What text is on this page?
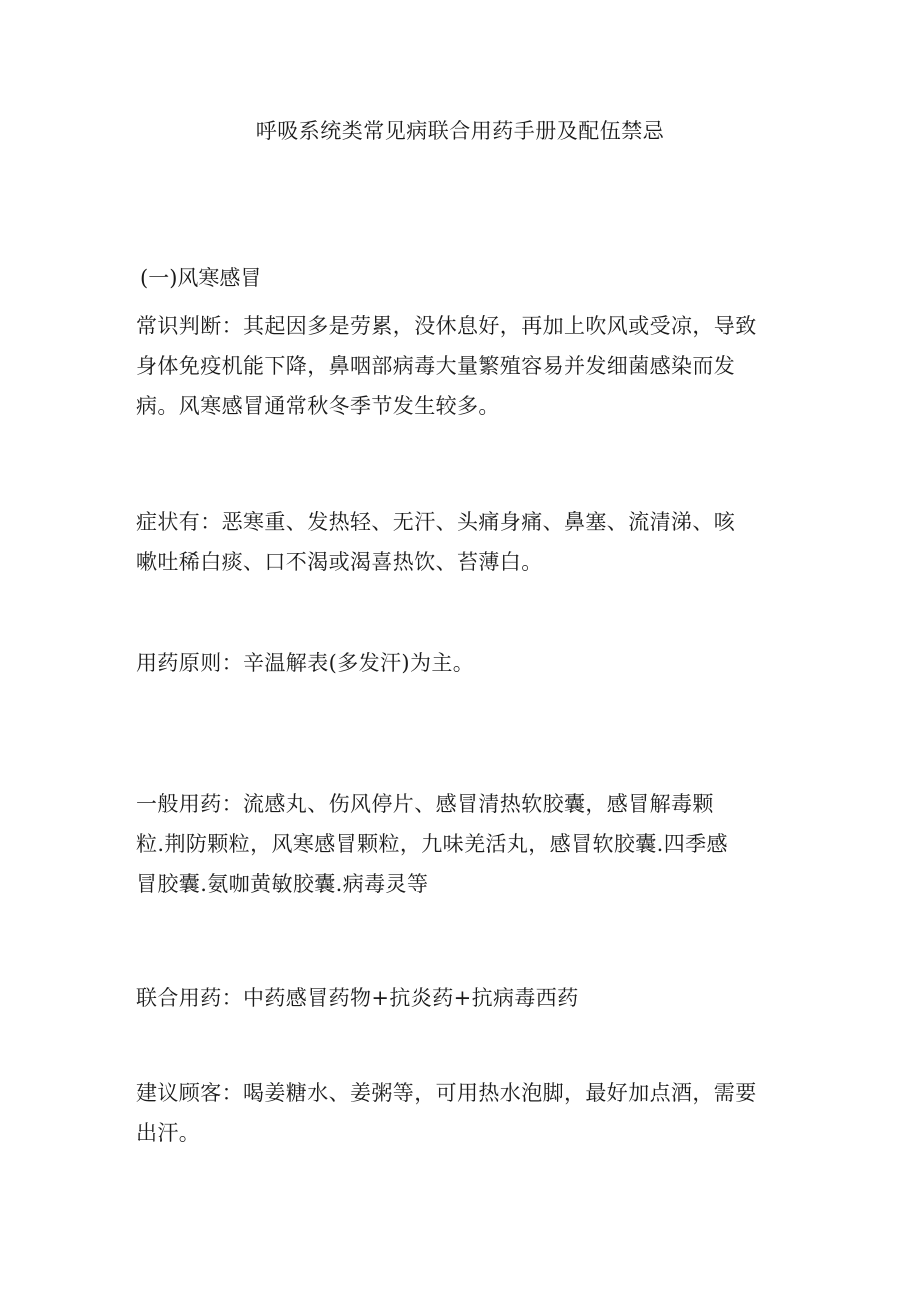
呼吸系统类常见病联合用药手册及配伍禁忌
(一)风寒感冒
常识判断：其起因多是劳累，没休息好，再加上吹风或受凉，导致
身体免疫机能下降，鼻咽部病毒大量繁殖容易并发细菌感染而发
病。风寒感冒通常秋冬季节发生较多。
症状有：恶寒重、发热轻、无汗、头痛身痛、鼻塞、流清涕、咳
嗽吐稀白痰、口不渴或渴喜热饮、苔薄白。
用药原则：辛温解表(多发汗)为主。
一般用药：流感丸、伤风停片、感冒清热软胶囊，感冒解毒颗
粒.荆防颗粒，风寒感冒颗粒，九味羌活丸，感冒软胶囊.四季感
冒胶囊.氨咖黄敏胶囊.病毒灵等
联合用药：中药感冒药物+抗炎药+抗病毒西药
建议顾客：喝姜糖水、姜粥等，可用热水泡脚，最好加点酒，需要
出汗。
